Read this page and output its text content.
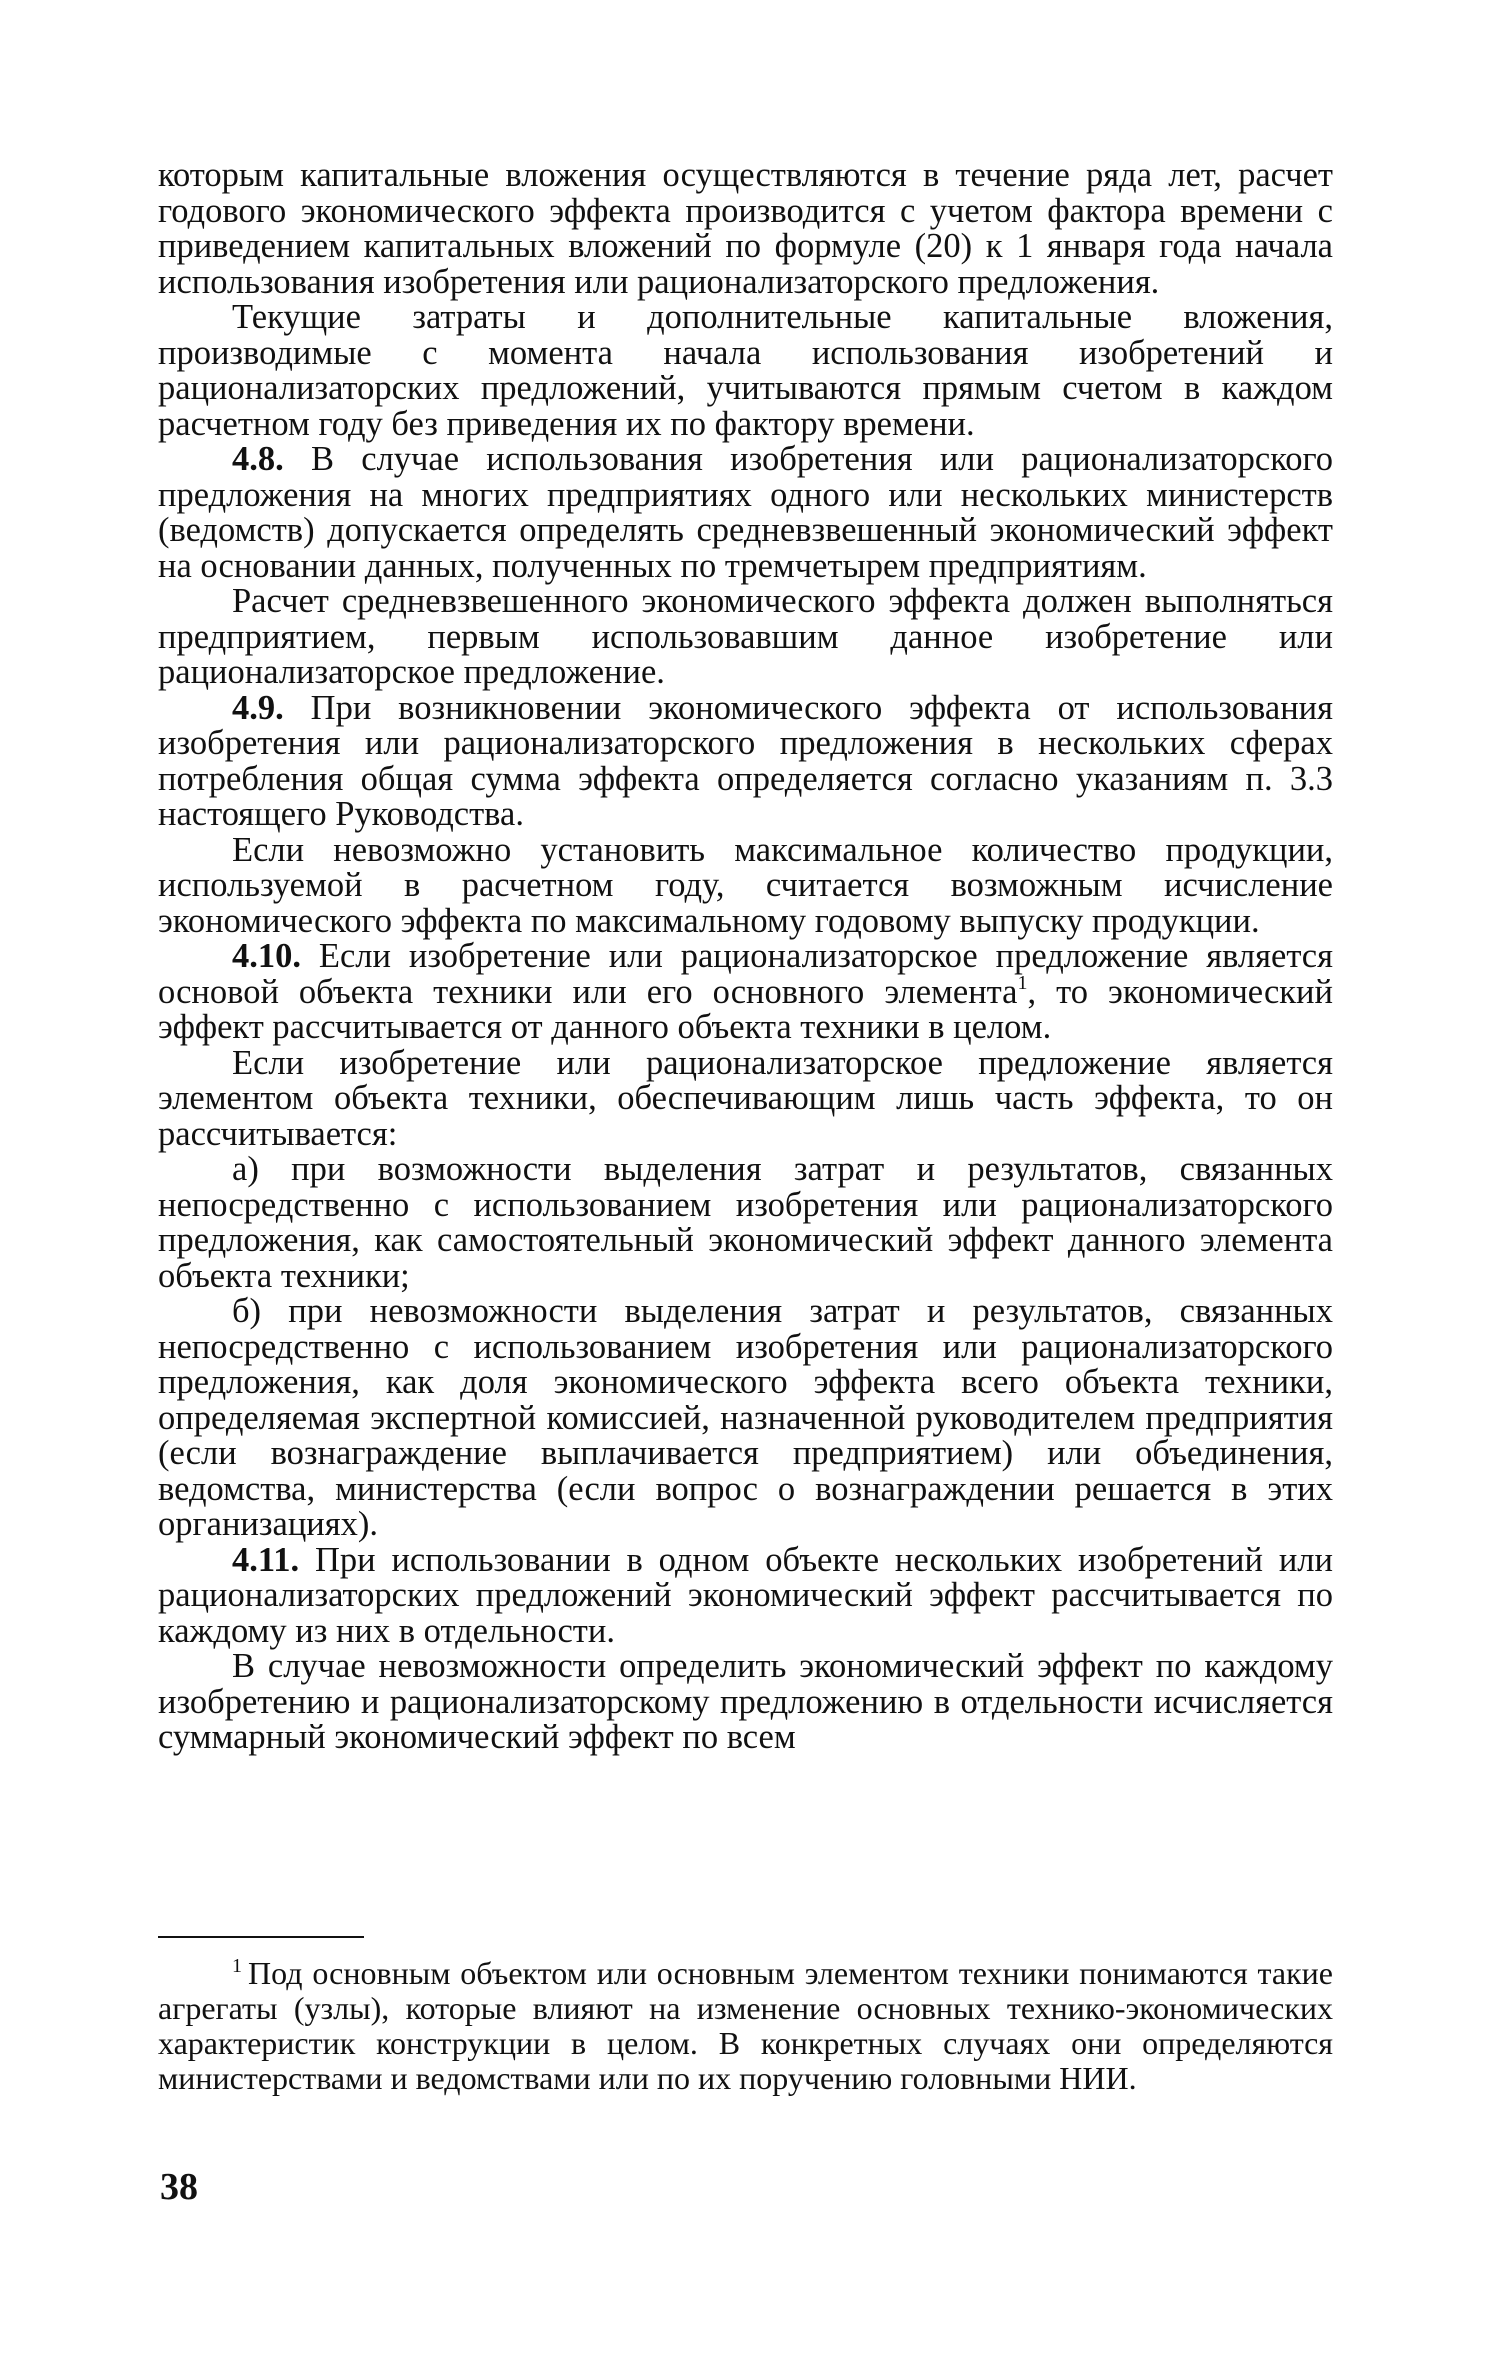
которым капитальные вложения осуществляются в течение ряда лет, расчет годового экономического эффекта производится с учетом фактора времени с приведением капитальных вложений по формуле (20) к 1 января года начала использования изобретения или рационализаторского предложения.

Текущие затраты и дополнительные капитальные вложения, производимые с момента начала использования изобретений и рационализаторских предложений, учитываются прямым счетом в каждом расчетном году без приведения их по фактору времени.

4.8. В случае использования изобретения или рационализаторского предложения на многих предприятиях одного или нескольких министерств (ведомств) допускается определять средневзвешенный экономический эффект на основании данных, полученных по тремчетырем предприятиям.

Расчет средневзвешенного экономического эффекта должен выполняться предприятием, первым использовавшим данное изобретение или рационализаторское предложение.

4.9. При возникновении экономического эффекта от использования изобретения или рационализаторского предложения в нескольких сферах потребления общая сумма эффекта определяется согласно указаниям п. 3.3 настоящего Руководства.

Если невозможно установить максимальное количество продукции, используемой в расчетном году, считается возможным исчисление экономического эффекта по максимальному годовому выпуску продукции.

4.10. Если изобретение или рационализаторское предложение является основой объекта техники или его основного элемента$^1$, то экономический эффект рассчитывается от данного объекта техники в целом.

Если изобретение или рационализаторское предложение является элементом объекта техники, обеспечивающим лишь часть эффекта, то он рассчитывается:

а) при возможности выделения затрат и результатов, связанных непосредственно с использованием изобретения или рационализаторского предложения, как самостоятельный экономический эффект данного элемента объекта техники;

б) при невозможности выделения затрат и результатов, связанных непосредственно с использованием изобретения или рационализаторского предложения, как доля экономического эффекта всего объекта техники, определяемая экспертной комиссией, назначенной руководителем предприятия (если вознаграждение выплачивается предприятием) или объединения, ведомства, министерства (если вопрос о вознаграждении решается в этих организациях).

4.11. При использовании в одном объекте нескольких изобретений или рационализаторских предложений экономический эффект рассчитывается по каждому из них в отдельности.

В случае невозможности определить экономический эффект по каждому изобретению и рационализаторскому предложению в отдельности исчисляется суммарный экономический эффект по всем

$^1$ Под основным объектом или основным элементом техники понимаются такие агрегаты (узлы), которые влияют на изменение основных технико-экономических характеристик конструкции в целом. В конкретных случаях они определяются министерствами и ведомствами или по их поручению головными НИИ.

38
